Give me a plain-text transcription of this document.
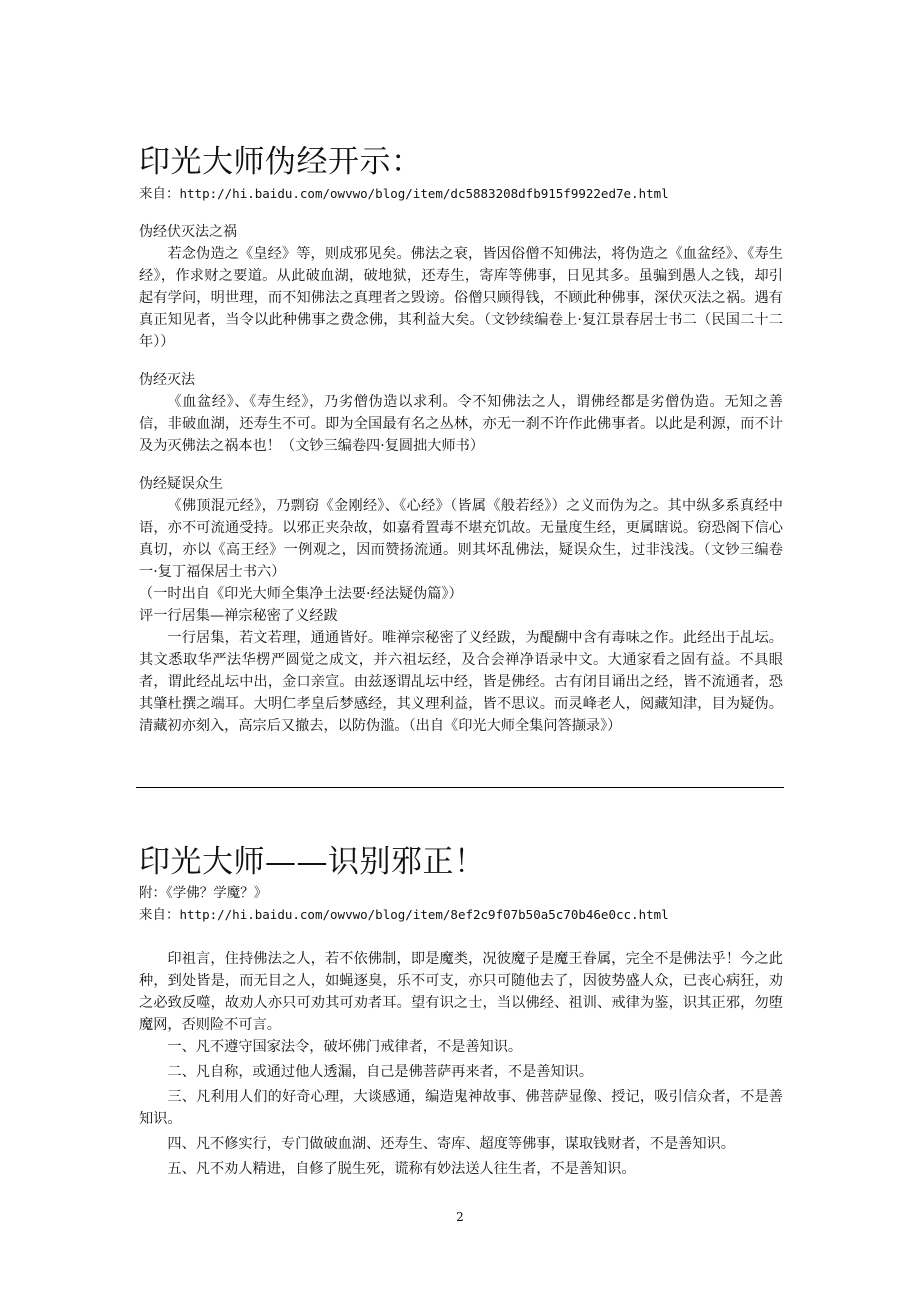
印光大师伪经开示：
来自：http://hi.baidu.com/owvwo/blog/item/dc5883208dfb915f9922ed7e.html
伪经伏灭法之祸

若念伪造之《皇经》等，则成邪见矣。佛法之衰，皆因俗僧不知佛法，将伪造之《血盆经》、《寿生经》，作求财之要道。从此破血湖，破地狱，还寿生，寄库等佛事，日见其多。虽骗到愚人之钱，却引起有学问，明世理，而不知佛法之真理者之毁谤。俗僧只顾得钱，不顾此种佛事，深伏灭法之祸。遇有真正知见者，当令以此种佛事之费念佛，其利益大矣。（文钞续编卷上·复江景春居士书二（民国二十二年））

伪经灭法

《血盆经》、《寿生经》，乃劣僧伪造以求利。令不知佛法之人，谓佛经都是劣僧伪造。无知之善信，非破血湖，还寿生不可。即为全国最有名之丛林，亦无一刹不许作此佛事者。以此是利源，而不计及为灭佛法之祸本也！（文钞三编卷四·复圆拙大师书）

伪经疑误众生

《佛顶混元经》，乃剽窃《金刚经》、《心经》（皆属《般若经》）之义而伪为之。其中纵多系真经中语，亦不可流通受持。以邪正夹杂故，如嘉肴置毒不堪充饥故。无量度生经，更属瞎说。窃恐阁下信心真切，亦以《高王经》一例观之，因而赞扬流通。则其坏乱佛法，疑误众生，过非浅浅。（文钞三编卷一·复丁福保居士书六）

（一时出自《印光大师全集净土法要·经法疑伪篇》）

评一行居集—禅宗秘密了义经跋

一行居集，若文若理，通通皆好。唯禅宗秘密了义经跋，为醍醐中含有毒味之作。此经出于乩坛。其文悉取华严法华楞严圆觉之成文，并六祖坛经，及合会禅净语录中文。大通家看之固有益。不具眼者，谓此经乩坛中出，金口亲宣。由兹逐谓乩坛中经，皆是佛经。古有闭目诵出之经，皆不流通者，恐其肇杜撰之端耳。大明仁孝皇后梦感经，其义理利益，皆不思议。而灵峰老人，阅藏知津，目为疑伪。清藏初亦刻入，高宗后又撤去，以防伪滥。（出自《印光大师全集问答撷录》）

印光大师——识别邪正！
附：《学佛？学魔？》
来自：http://hi.baidu.com/owvwo/blog/item/8ef2c9f07b50a5c70b46e0cc.html

印祖言，住持佛法之人，若不依佛制，即是魔类，况彼魔子是魔王眷属，完全不是佛法乎！今之此种，到处皆是，而无目之人，如蝇逐臭，乐不可支，亦只可随他去了，因彼势盛人众，已丧心病狂，劝之必致反噬，故劝人亦只可劝其可劝者耳。望有识之士，当以佛经、祖训、戒律为鉴，识其正邪，勿堕魔网，否则险不可言。

一、凡不遵守国家法令，破坏佛门戒律者，不是善知识。

二、凡自称，或通过他人透漏，自己是佛菩萨再来者，不是善知识。

三、凡利用人们的好奇心理，大谈感通，编造鬼神故事、佛菩萨显像、授记，吸引信众者，不是善知识。

四、凡不修实行，专门做破血湖、还寿生、寄库、超度等佛事，谋取钱财者，不是善知识。

五、凡不劝人精进，自修了脱生死，谎称有妙法送人往生者，不是善知识。

2
